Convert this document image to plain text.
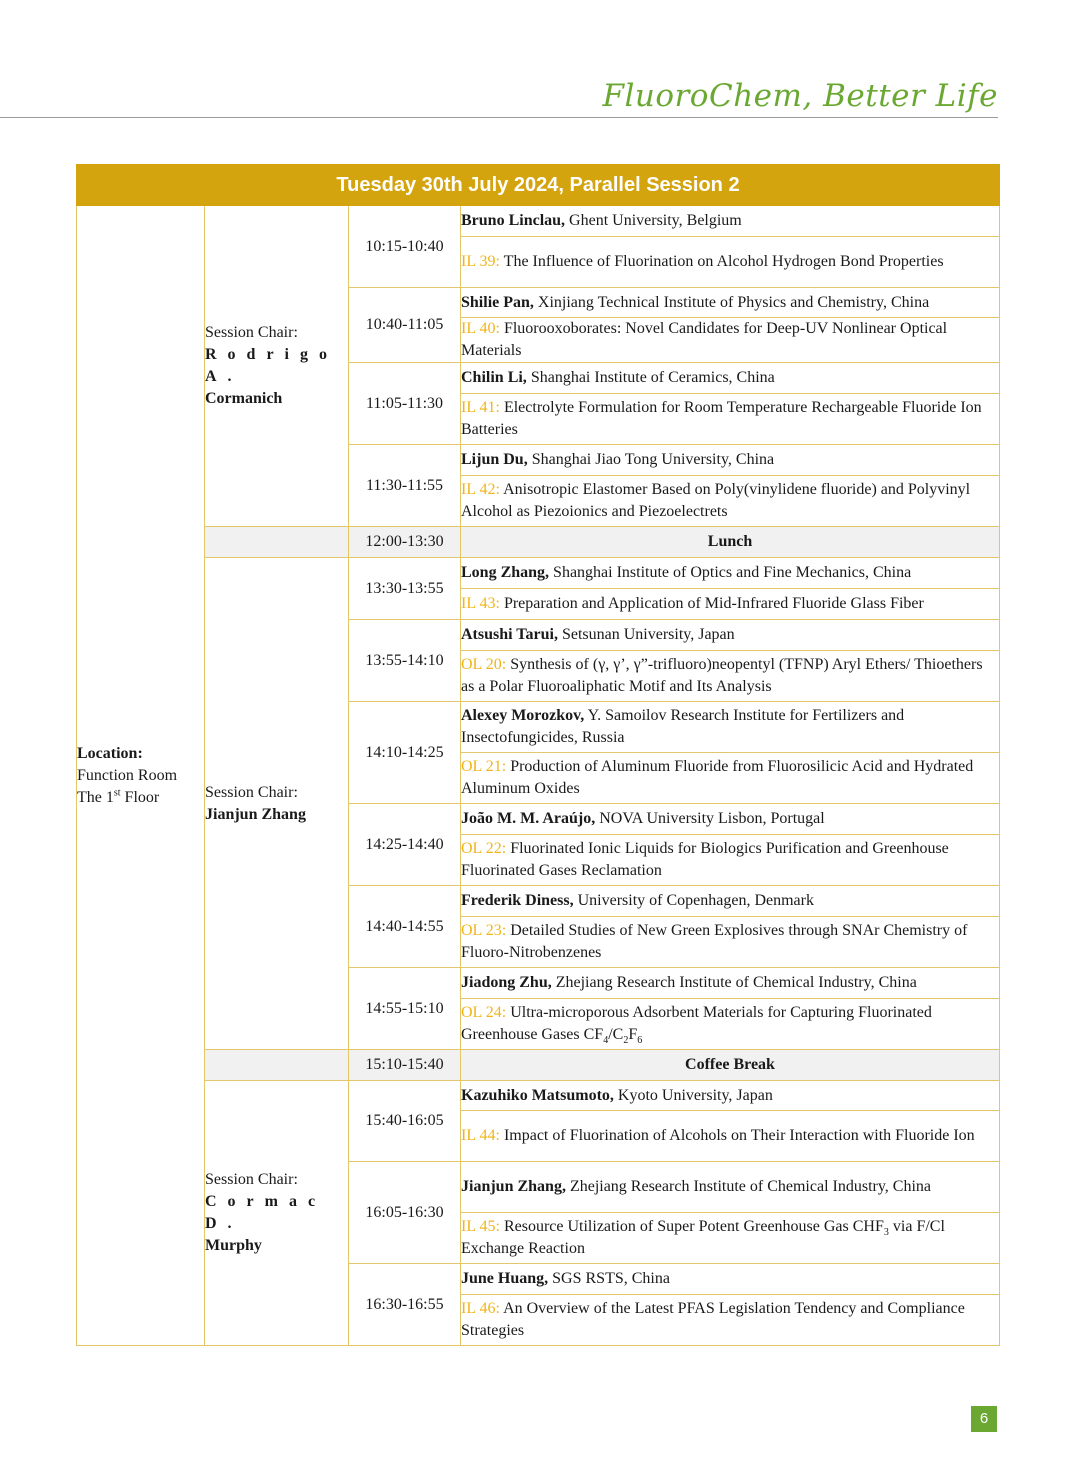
FluoroChem, Better Life
Tuesday 30th July 2024, Parallel Session 2			
Location:
Function Room
The 1st Floor	Session Chair:
Rodrigo A.
Cormanich	10:15-10:40	Bruno Linclau, Ghent University, Belgium
			IL 39: The Influence of Fluorination on Alcohol Hydrogen Bond Properties
		10:40-11:05	Shilie Pan, Xinjiang Technical Institute of Physics and Chemistry, China
			IL 40: Fluorooxoborates: Novel Candidates for Deep-UV Nonlinear Optical Materials
		11:05-11:30	Chilin Li, Shanghai Institute of Ceramics, China
			IL 41: Electrolyte Formulation for Room Temperature Rechargeable Fluoride Ion Batteries
		11:30-11:55	Lijun Du, Shanghai Jiao Tong University, China
			IL 42: Anisotropic Elastomer Based on Poly(vinylidene fluoride) and Polyvinyl Alcohol as Piezoionics and Piezoelectrets
		12:00-13:30	Lunch
	Session Chair:
Jianjun Zhang	13:30-13:55	Long Zhang, Shanghai Institute of Optics and Fine Mechanics, China
			IL 43: Preparation and Application of Mid-Infrared Fluoride Glass Fiber
		13:55-14:10	Atsushi Tarui, Setsunan University, Japan
			OL 20: Synthesis of (γ, γ’, γ”-trifluoro)neopentyl (TFNP) Aryl Ethers/ Thioethers as a Polar Fluoroaliphatic Motif and Its Analysis
		14:10-14:25	Alexey Morozkov, Y. Samoilov Research Institute for Fertilizers and Insectofungicides, Russia
			OL 21: Production of Aluminum Fluoride from Fluorosilicic Acid and Hydrated Aluminum Oxides
		14:25-14:40	João M. M. Araújo, NOVA University Lisbon, Portugal
			OL 22: Fluorinated Ionic Liquids for Biologics Purification and Greenhouse Fluorinated Gases Reclamation
		14:40-14:55	Frederik Diness, University of Copenhagen, Denmark
			OL 23: Detailed Studies of New Green Explosives through SNAr Chemistry of Fluoro-Nitrobenzenes
		14:55-15:10	Jiadong Zhu, Zhejiang Research Institute of Chemical Industry, China
			OL 24: Ultra-microporous Adsorbent Materials for Capturing Fluorinated Greenhouse Gases $CF_4/C_2F_6$
		15:10-15:40	Coffee Break
	Session Chair:
Cormac D.
Murphy	15:40-16:05	Kazuhiko Matsumoto, Kyoto University, Japan
			IL 44: Impact of Fluorination of Alcohols on Their Interaction with Fluoride Ion
		16:05-16:30	Jianjun Zhang, Zhejiang Research Institute of Chemical Industry, China
			IL 45: Resource Utilization of Super Potent Greenhouse Gas $CHF_3$ via F/Cl Exchange Reaction
		16:30-16:55	June Huang, SGS RSTS, China
			IL 46: An Overview of the Latest PFAS Legislation Tendency and Compliance Strategies
6
